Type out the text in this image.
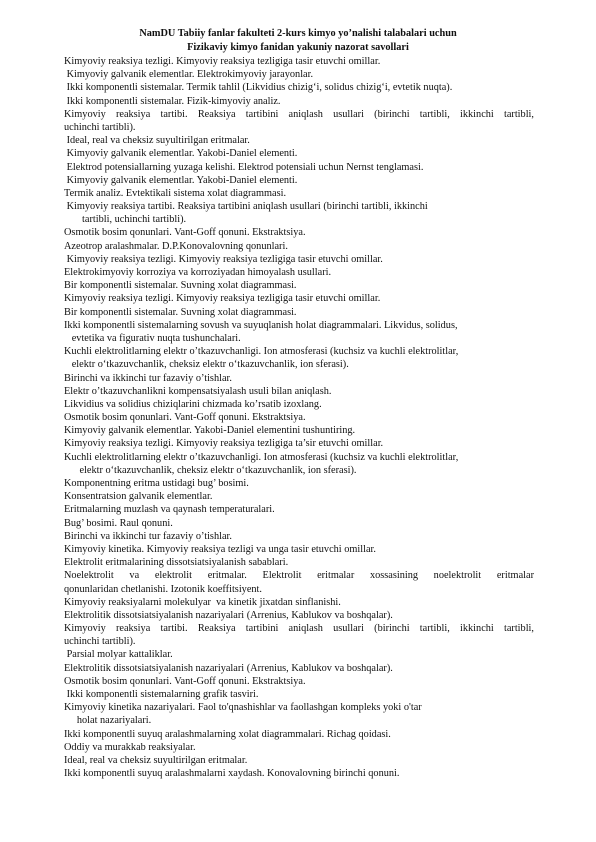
NamDU Tabiiy fanlar fakulteti 2-kurs kimyo yo’nalishi talabalari uchun
Fizikaviy kimyo fanidan yakuniy nazorat savollari
Kimyoviy reaksiya tezligi. Kimyoviy reaksiya tezligiga tasir etuvchi omillar.
Kimyoviy galvanik elementlar. Elektrokimyoviy jarayonlar.
Ikki komponentli sistemalar. Termik tahlil (Likvidius chizig‘i, solidus chizig‘i, evtetik nuqta).
Ikki komponentli sistemalar. Fizik-kimyoviy analiz.
Kimyoviy reaksiya tartibi. Reaksiya tartibini aniqlash usullari (birinchi tartibli, ikkinchi tartibli,
uchinchi tartibli).
Ideal, real va cheksiz suyultirilgan eritmalar.
Kimyoviy galvanik elementlar. Yakobi-Daniel elementi.
Elektrod potensiallarning yuzaga kelishi. Elektrod potensiali uchun Nernst tenglamasi.
Kimyoviy galvanik elementlar. Yakobi-Daniel elementi.
Termik analiz. Evtektikali sistema xolat diagrammasi.
Kimyoviy reaksiya tartibi. Reaksiya tartibini aniqlash usullari (birinchi tartibli, ikkinchi
tartibli, uchinchi tartibli).
Osmotik bosim qonunlari. Vant-Goff qonuni. Ekstraktsiya.
Azeotrop aralashmalar. D.P.Konovalovning qonunlari.
Kimyoviy reaksiya tezligi. Kimyoviy reaksiya tezligiga tasir etuvchi omillar.
Elektrokimyoviy korroziya va korroziyadan himoyalash usullari.
Bir komponentli sistemalar. Suvning xolat diagrammasi.
Kimyoviy reaksiya tezligi. Kimyoviy reaksiya tezligiga tasir etuvchi omillar.
Bir komponentli sistemalar. Suvning xolat diagrammasi.
Ikki komponentli sistemalarning sovush va suyuqlanish holat diagrammalari. Likvidus, solidus,
evtetika va figurativ nuqta tushunchalari.
Kuchli elektrolitlarning elektr o’tkazuvchanligi. Ion atmosferasi (kuchsiz va kuchli elektrolitlar,
elektr o‘tkazuvchanlik, cheksiz elektr o‘tkazuvchanlik, ion sferasi).
Birinchi va ikkinchi tur fazaviy o’tishlar.
Elektr o’tkazuvchanlikni kompensatsiyalash usuli bilan aniqlash.
Likvidius va solidius chiziqlarini chizmada ko’rsatib izoxlang.
Osmotik bosim qonunlari. Vant-Goff qonuni. Ekstraktsiya.
Kimyoviy galvanik elementlar. Yakobi-Daniel elementini tushuntiring.
Kimyoviy reaksiya tezligi. Kimyoviy reaksiya tezligiga ta’sir etuvchi omillar.
Kuchli elektrolitlarning elektr o’tkazuvchanligi. Ion atmosferasi (kuchsiz va kuchli elektrolitlar,
elektr o‘tkazuvchanlik, cheksiz elektr o‘tkazuvchanlik, ion sferasi).
Komponentning eritma ustidagi bug’ bosimi.
Konsentratsion galvanik elementlar.
Eritmalarning muzlash va qaynash temperaturalari.
Bug’ bosimi. Raul qonuni.
Birinchi va ikkinchi tur fazaviy o’tishlar.
Kimyoviy kinetika. Kimyoviy reaksiya tezligi va unga tasir etuvchi omillar.
Elektrolit eritmalarining dissotsiatsiyalanish sabablari.
Noelektrolit va elektrolit eritmalar. Elektrolit eritmalar xossasining noelektrolit eritmalar
qonunlaridan chetlanishi. Izotonik koeffitsiyent.
Kimyoviy reaksiyalarni molekulyar  va kinetik jixatdan sinflanishi.
Elektrolitik dissotsiatsiyalanish nazariyalari (Arrenius, Kablukov va boshqalar).
Kimyoviy reaksiya tartibi. Reaksiya tartibini aniqlash usullari (birinchi tartibli, ikkinchi tartibli,
uchinchi tartibli).
Parsial molyar kattaliklar.
Elektrolitik dissotsiatsiyalanish nazariyalari (Arrenius, Kablukov va boshqalar).
Osmotik bosim qonunlari. Vant-Goff qonuni. Ekstraktsiya.
Ikki komponentli sistemalarning grafik tasviri.
Kimyoviy kinetika nazariyalari. Faol to'qnashishlar va faollashgan kompleks yoki o'tar
holat nazariyalari.
Ikki komponentli suyuq aralashmalarning xolat diagrammalari. Richag qoidasi.
Oddiy va murakkab reaksiyalar.
Ideal, real va cheksiz suyultirilgan eritmalar.
Ikki komponentli suyuq aralashmalarni xaydash. Konovalovning birinchi qonuni.
